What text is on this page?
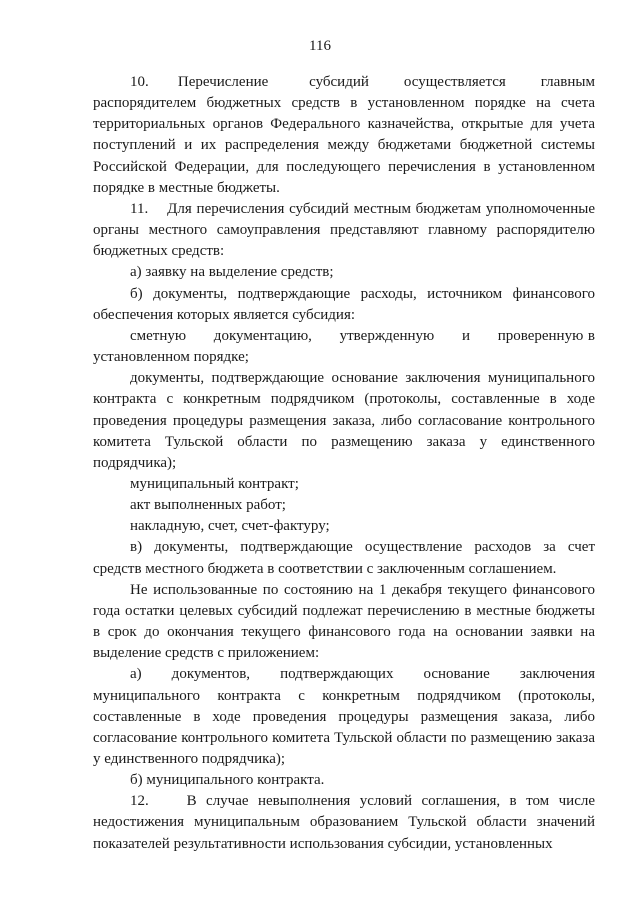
116

10.     Перечисление       субсидий      осуществляется      главным распорядителем бюджетных средств в установленном порядке на счета территориальных органов Федерального казначейства, открытые для учета поступлений и их распределения между бюджетами бюджетной системы Российской Федерации, для последующего перечисления в установленном порядке в местные бюджеты.

11.    Для перечисления субсидий местным бюджетам уполномоченные органы местного самоуправления представляют главному распорядителю бюджетных средств:

а) заявку на выделение средств;

б) документы, подтверждающие расходы, источником финансового обеспечения которых является субсидия:

сметную      документацию,      утвержденную      и      проверенную в установленном порядке;

документы, подтверждающие основание заключения муниципального контракта с конкретным подрядчиком (протоколы, составленные в ходе проведения процедуры размещения заказа, либо согласование контрольного комитета Тульской области по размещению заказа у единственного подрядчика);

муниципальный контракт;

акт выполненных работ;

накладную, счет, счет-фактуру;

в) документы, подтверждающие осуществление расходов за счет средств местного бюджета в соответствии с заключенным соглашением.

Не использованные по состоянию на 1 декабря текущего финансового года остатки целевых субсидий подлежат перечислению в местные бюджеты в срок до окончания текущего финансового года на основании заявки на выделение средств с приложением:

а)      документов,      подтверждающих      основание      заключения муниципального контракта с конкретным подрядчиком (протоколы, составленные в ходе проведения процедуры размещения заказа, либо согласование контрольного комитета Тульской области по размещению заказа у единственного подрядчика);

б) муниципального контракта.

12.    В случае невыполнения условий соглашения, в том числе недостижения муниципальным образованием Тульской области значений показателей результативности использования субсидии, установленных
